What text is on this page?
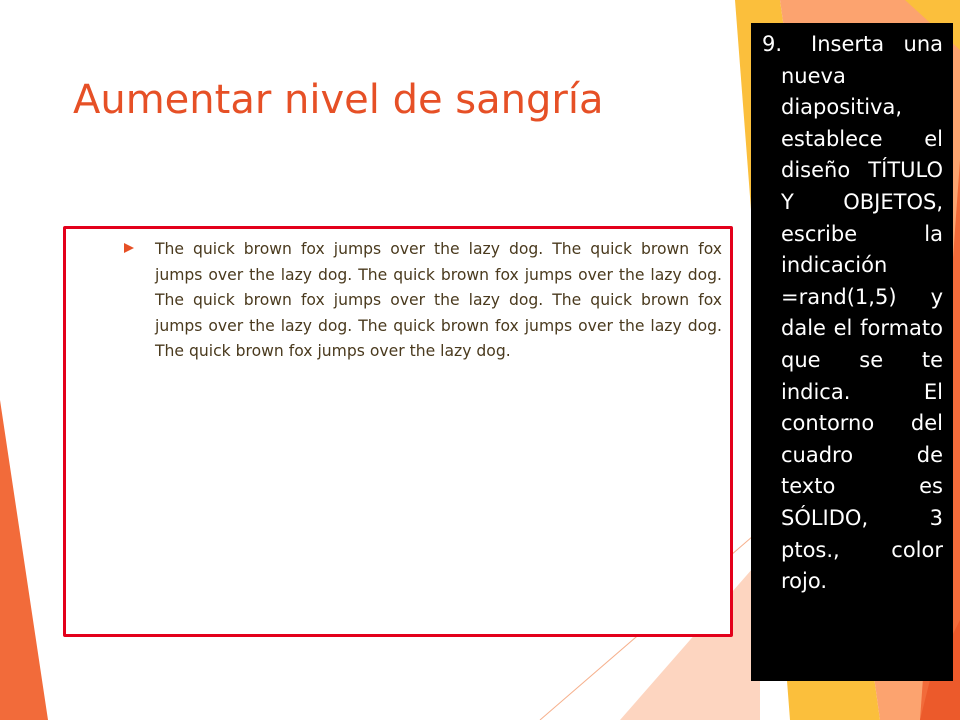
Aumentar nivel de sangría
The quick brown fox jumps over the lazy dog. The quick brown fox jumps over the lazy dog. The quick brown fox jumps over the lazy dog. The quick brown fox jumps over the lazy dog. The quick brown fox jumps over the lazy dog. The quick brown fox jumps over the lazy dog. The quick brown fox jumps over the lazy dog.
9.	Inserta una nueva diapositiva, establece el diseño TÍTULO Y OBJETOS, escribe la indicación =rand(1,5) y dale el formato que se te indica. El contorno del cuadro de texto es SÓLIDO, 3 ptos., color rojo.
